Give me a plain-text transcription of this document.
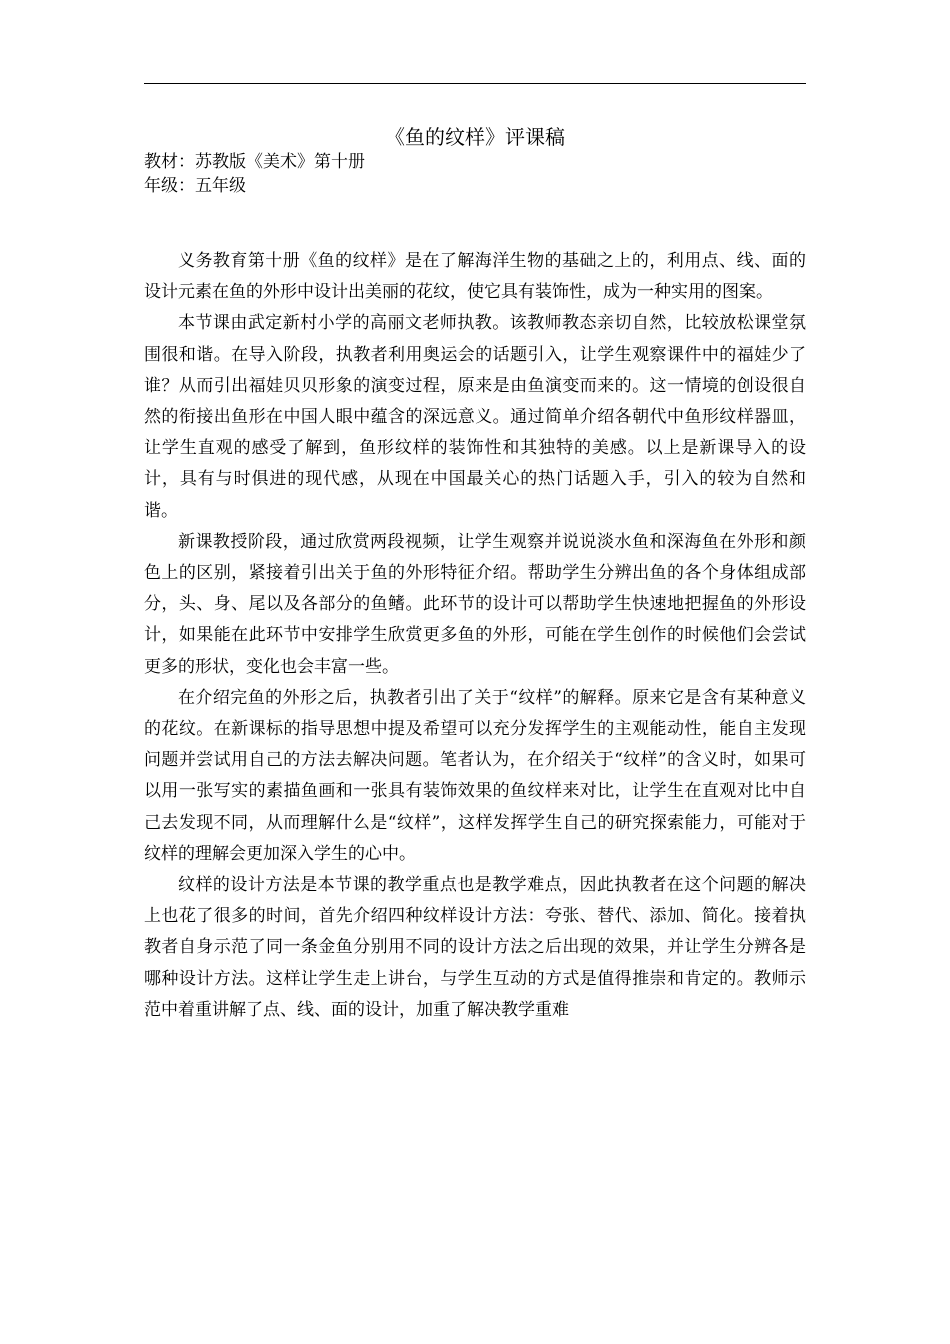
《鱼的纹样》评课稿
教材：苏教版《美术》第十册
年级：五年级

义务教育第十册《鱼的纹样》是在了解海洋生物的基础之上的，利用点、线、面的设计元素在鱼的外形中设计出美丽的花纹，使它具有装饰性，成为一种实用的图案。

本节课由武定新村小学的高丽文老师执教。该教师教态亲切自然，比较放松课堂氛围很和谐。在导入阶段，执教者利用奥运会的话题引入，让学生观察课件中的福娃少了谁？从而引出福娃贝贝形象的演变过程，原来是由鱼演变而来的。这一情境的创设很自然的衔接出鱼形在中国人眼中蕴含的深远意义。通过简单介绍各朝代中鱼形纹样器皿，让学生直观的感受了解到，鱼形纹样的装饰性和其独特的美感。以上是新课导入的设计，具有与时俱进的现代感，从现在中国最关心的热门话题入手，引入的较为自然和谐。

新课教授阶段，通过欣赏两段视频，让学生观察并说说淡水鱼和深海鱼在外形和颜色上的区别，紧接着引出关于鱼的外形特征介绍。帮助学生分辨出鱼的各个身体组成部分，头、身、尾以及各部分的鱼鳍。此环节的设计可以帮助学生快速地把握鱼的外形设计，如果能在此环节中安排学生欣赏更多鱼的外形，可能在学生创作的时候他们会尝试更多的形状，变化也会丰富一些。

在介绍完鱼的外形之后，执教者引出了关于“纹样”的解释。原来它是含有某种意义的花纹。在新课标的指导思想中提及希望可以充分发挥学生的主观能动性，能自主发现问题并尝试用自己的方法去解决问题。笔者认为，在介绍关于“纹样”的含义时，如果可以用一张写实的素描鱼画和一张具有装饰效果的鱼纹样来对比，让学生在直观对比中自己去发现不同，从而理解什么是“纹样”，这样发挥学生自己的研究探索能力，可能对于纹样的理解会更加深入学生的心中。

纹样的设计方法是本节课的教学重点也是教学难点，因此执教者在这个问题的解决上也花了很多的时间，首先介绍四种纹样设计方法：夸张、替代、添加、简化。接着执教者自身示范了同一条金鱼分别用不同的设计方法之后出现的效果，并让学生分辨各是哪种设计方法。这样让学生走上讲台，与学生互动的方式是值得推崇和肯定的。教师示范中着重讲解了点、线、面的设计，加重了解决教学重难
